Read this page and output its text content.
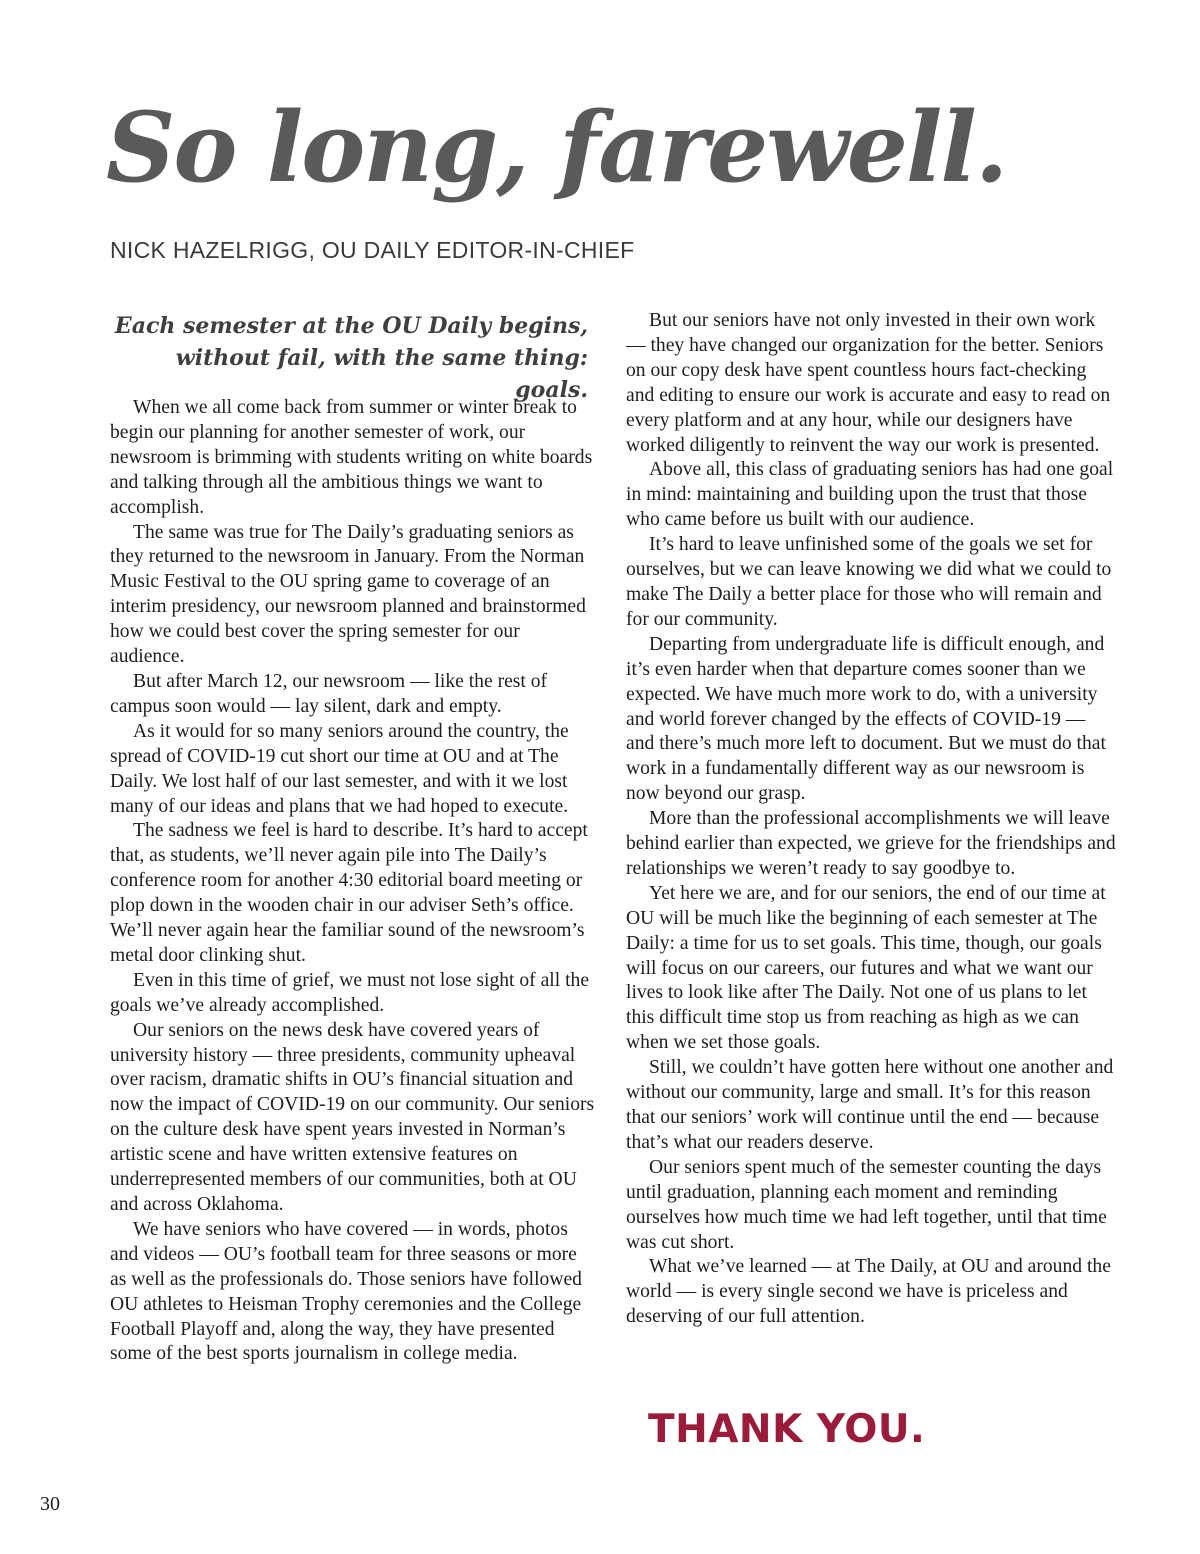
So long, farewell.
NICK HAZELRIGG, OU DAILY EDITOR-IN-CHIEF
Each semester at the OU Daily begins,
without fail, with the same thing: goals.

When we all come back from summer or winter break to begin our planning for another semester of work, our newsroom is brimming with students writing on white boards and talking through all the ambitious things we want to accomplish.

The same was true for The Daily’s graduating seniors as they returned to the newsroom in January. From the Norman Music Festival to the OU spring game to coverage of an interim presidency, our newsroom planned and brainstormed how we could best cover the spring semester for our audience.

But after March 12, our newsroom — like the rest of campus soon would — lay silent, dark and empty.

As it would for so many seniors around the country, the spread of COVID-19 cut short our time at OU and at The Daily. We lost half of our last semester, and with it we lost many of our ideas and plans that we had hoped to execute.

The sadness we feel is hard to describe. It’s hard to accept that, as students, we’ll never again pile into The Daily’s conference room for another 4:30 editorial board meeting or plop down in the wooden chair in our adviser Seth’s office. We’ll never again hear the familiar sound of the newsroom’s metal door clinking shut.

Even in this time of grief, we must not lose sight of all the goals we’ve already accomplished.

Our seniors on the news desk have covered years of university history — three presidents, community upheaval over racism, dramatic shifts in OU’s financial situation and now the impact of COVID-19 on our community. Our seniors on the culture desk have spent years invested in Norman’s artistic scene and have written extensive features on underrepresented members of our communities, both at OU and across Oklahoma.

We have seniors who have covered — in words, photos and videos — OU’s football team for three seasons or more as well as the professionals do. Those seniors have followed OU athletes to Heisman Trophy ceremonies and the College Football Playoff and, along the way, they have presented some of the best sports journalism in college media.

But our seniors have not only invested in their own work — they have changed our organization for the better. Seniors on our copy desk have spent countless hours fact-checking and editing to ensure our work is accurate and easy to read on every platform and at any hour, while our designers have worked diligently to reinvent the way our work is presented.

Above all, this class of graduating seniors has had one goal in mind: maintaining and building upon the trust that those who came before us built with our audience.

It’s hard to leave unfinished some of the goals we set for ourselves, but we can leave knowing we did what we could to make The Daily a better place for those who will remain and for our community.

Departing from undergraduate life is difficult enough, and it’s even harder when that departure comes sooner than we expected. We have much more work to do, with a university and world forever changed by the effects of COVID-19 — and there’s much more left to document. But we must do that work in a fundamentally different way as our newsroom is now beyond our grasp.

More than the professional accomplishments we will leave behind earlier than expected, we grieve for the friendships and relationships we weren’t ready to say goodbye to.

Yet here we are, and for our seniors, the end of our time at OU will be much like the beginning of each semester at The Daily: a time for us to set goals. This time, though, our goals will focus on our careers, our futures and what we want our lives to look like after The Daily. Not one of us plans to let this difficult time stop us from reaching as high as we can when we set those goals.

Still, we couldn’t have gotten here without one another and without our community, large and small. It’s for this reason that our seniors’ work will continue until the end — because that’s what our readers deserve.

Our seniors spent much of the semester counting the days until graduation, planning each moment and reminding ourselves how much time we had left together, until that time was cut short.

What we’ve learned — at The Daily, at OU and around the world — is every single second we have is priceless and deserving of our full attention.

THANK YOU.
30
